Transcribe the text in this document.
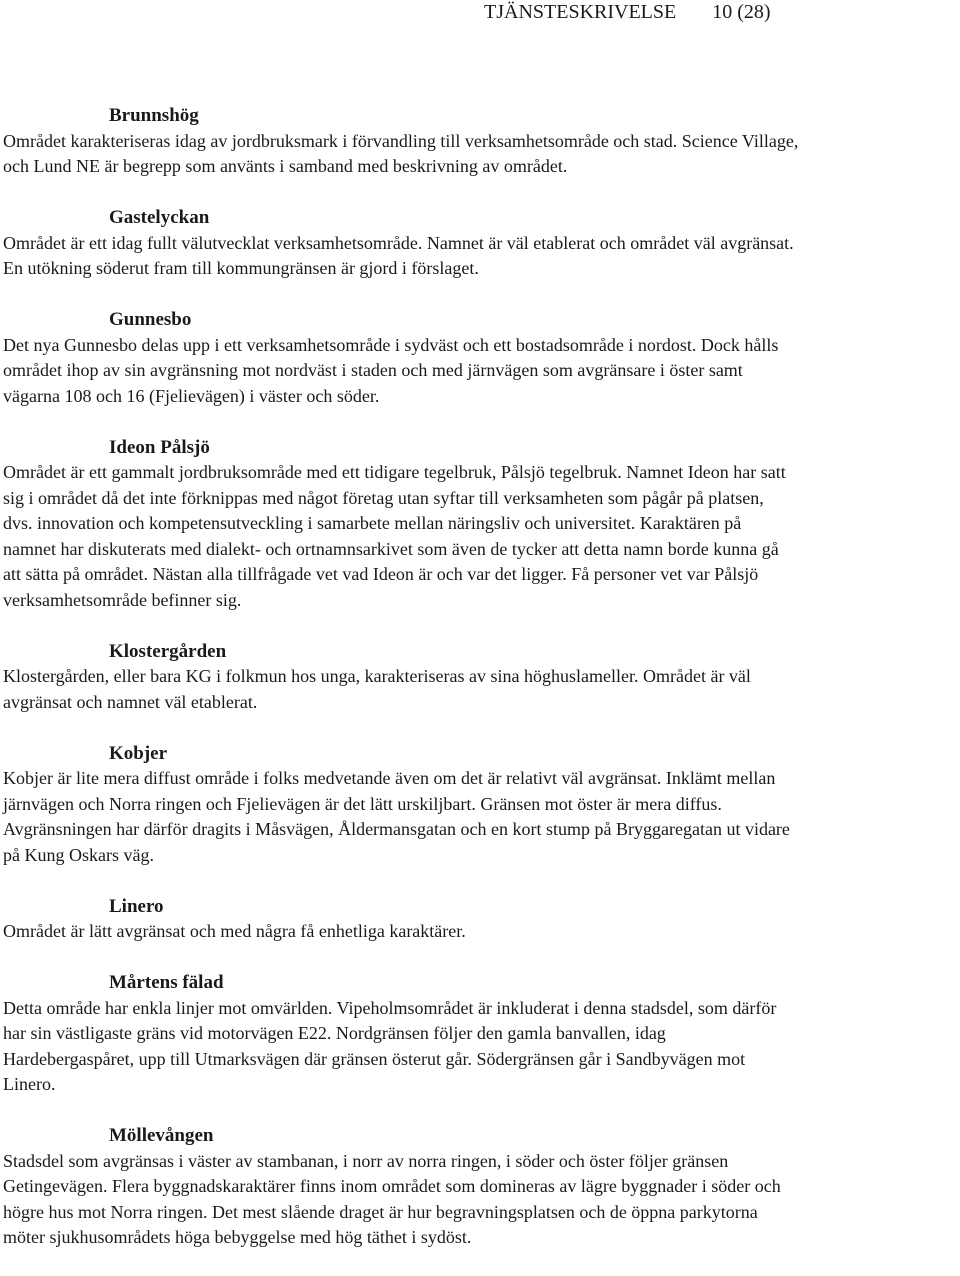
TJÄNSTESKRIVELSE 10 (28)
Brunnshög

Området karakteriseras idag av jordbruksmark i förvandling till verksamhetsområde och stad. Science Village,
och Lund NE är begrepp som använts i samband med beskrivning av området.

Gastelyckan

Området är ett idag fullt välutvecklat verksamhetsområde. Namnet är väl etablerat och området väl avgränsat.
En utökning söderut fram till kommungränsen är gjord i förslaget.

Gunnesbo

Det nya Gunnesbo delas upp i ett verksamhetsområde i sydväst och ett bostadsområde i nordost. Dock hålls
området ihop av sin avgränsning mot nordväst i staden och med järnvägen som avgränsare i öster samt
vägarna 108 och 16 (Fjelievägen) i väster och söder.

Ideon Pålsjö

Området är ett gammalt jordbruksområde med ett tidigare tegelbruk, Pålsjö tegelbruk. Namnet Ideon har satt
sig i området då det inte förknippas med något företag utan syftar till verksamheten som pågår på platsen,
dvs. innovation och kompetensutveckling i samarbete mellan näringsliv och universitet. Karaktären på
namnet har diskuterats med dialekt- och ortnamnsarkivet som även de tycker att detta namn borde kunna gå
att sätta på området. Nästan alla tillfrågade vet vad Ideon är och var det ligger. Få personer vet var Pålsjö
verksamhetsområde befinner sig.

Klostergården

Klostergården, eller bara KG i folkmun hos unga, karakteriseras av sina höghuslameller. Området är väl
avgränsat och namnet väl etablerat.

Kobjer

Kobjer är lite mera diffust område i folks medvetande även om det är relativt väl avgränsat. Inklämt mellan
järnvägen och Norra ringen och Fjelievägen är det lätt urskiljbart. Gränsen mot öster är mera diffus.
Avgränsningen har därför dragits i Måsvägen, Åldermansgatan och en kort stump på Bryggaregatan ut vidare
på Kung Oskars väg.

Linero

Området är lätt avgränsat och med några få enhetliga karaktärer.

Mårtens fälad

Detta område har enkla linjer mot omvärlden. Vipeholmsområdet är inkluderat i denna stadsdel, som därför
har sin västligaste gräns vid motorvägen E22. Nordgränsen följer den gamla banvallen, idag
Hardebergaspåret, upp till Utmarksvägen där gränsen österut går. Södergränsen går i Sandbyvägen mot
Linero.

Möllevången

Stadsdel som avgränsas i väster av stambanan, i norr av norra ringen, i söder och öster följer gränsen
Getingevägen. Flera byggnadskaraktärer finns inom området som domineras av lägre byggnader i söder och
högre hus mot Norra ringen. Det mest slående draget är hur begravningsplatsen och de öppna parkytorna
möter sjukhusområdets höga bebyggelse med hög täthet i sydöst.
